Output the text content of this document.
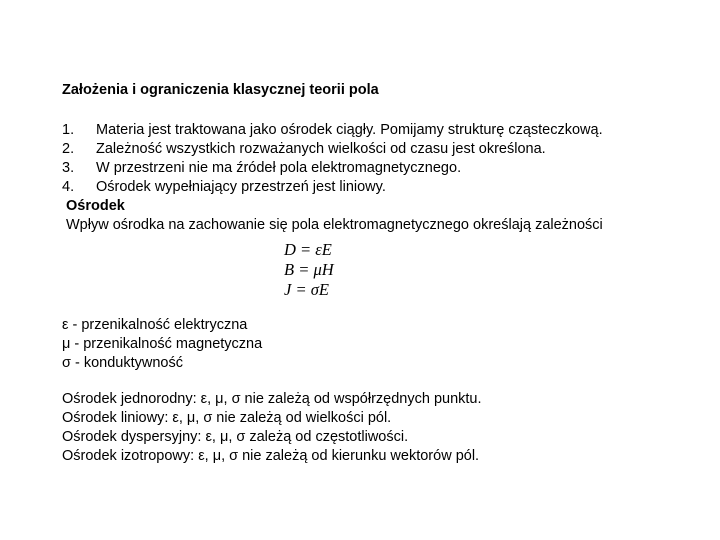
Założenia i ograniczenia klasycznej teorii pola
1. Materia jest traktowana jako ośrodek ciągły. Pomijamy strukturę cząsteczkową.
2. Zależność wszystkich rozważanych wielkości od czasu jest określona.
3. W przestrzeni nie ma źródeł pola elektromagnetycznego.
4. Ośrodek wypełniający przestrzeń jest liniowy.
Ośrodek
Wpływ ośrodka na zachowanie się pola elektromagnetycznego określają zależności
D = εE
B = μH
J = σE
ε - przenikalność elektryczna
μ - przenikalność magnetyczna
σ - konduktywność
Ośrodek jednorodny: ε, μ, σ nie zależą od współrzędnych punktu.
Ośrodek liniowy: ε, μ, σ nie zależą od wielkości pól.
Ośrodek dyspersyjny: ε, μ, σ zależą od częstotliwości.
Ośrodek izotropowy: ε, μ, σ nie zależą od kierunku wektorów pól.
